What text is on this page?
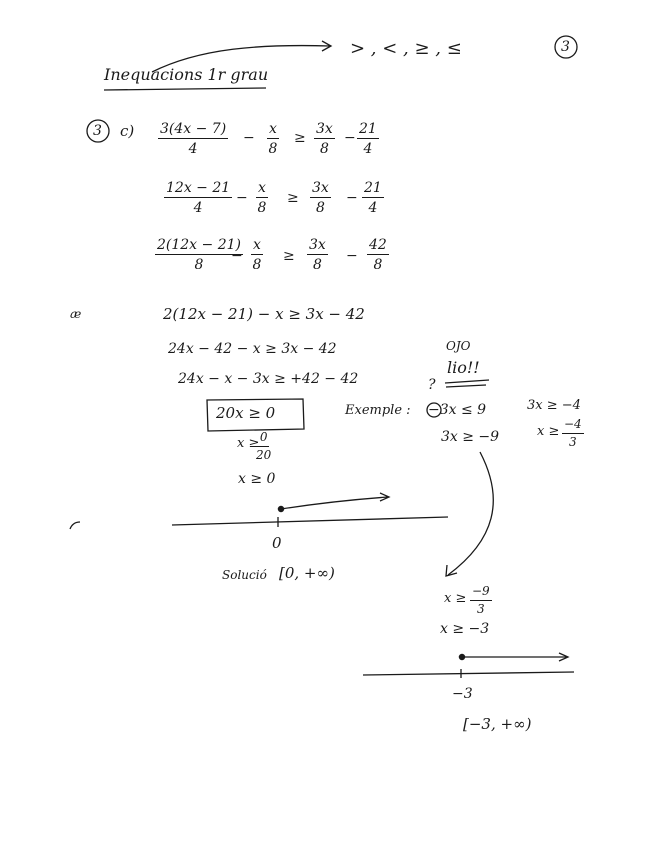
> , < , ≥ , ≤	3
Inequacions 1r grau
3 $c) \frac{3(4x - 7)}{4} - \frac{x}{8} \ge \frac{3x}{8} - \frac{21}{4}$
$\frac{12x - 21}{4} - \frac{x}{8} \ge \frac{3x}{8} - \frac{21}{4}$
$\frac{2(12x - 21)}{8}$
− $\frac{x}{8} \ge \frac{3x}{8} - \frac{42}{8}$
æ	2(12x − 21) − x ≥ 3x − 42
24x − 42 − x ≥ 3x − 42
24x − x − 3x ≥ +42 − 42
20x ≥ 0
x ≥
$\frac{0}{20}$
x ≥ 0
0
Solució [0, +∞)
OJO
lio!!
?
Exemple : −3x ≤ 9
3x ≥ −9
3x ≥ −4
$x \ge \frac{-4}{3}$
$x \ge \frac{-9}{3}$
x ≥ −3
−3
[−3, +∞)
